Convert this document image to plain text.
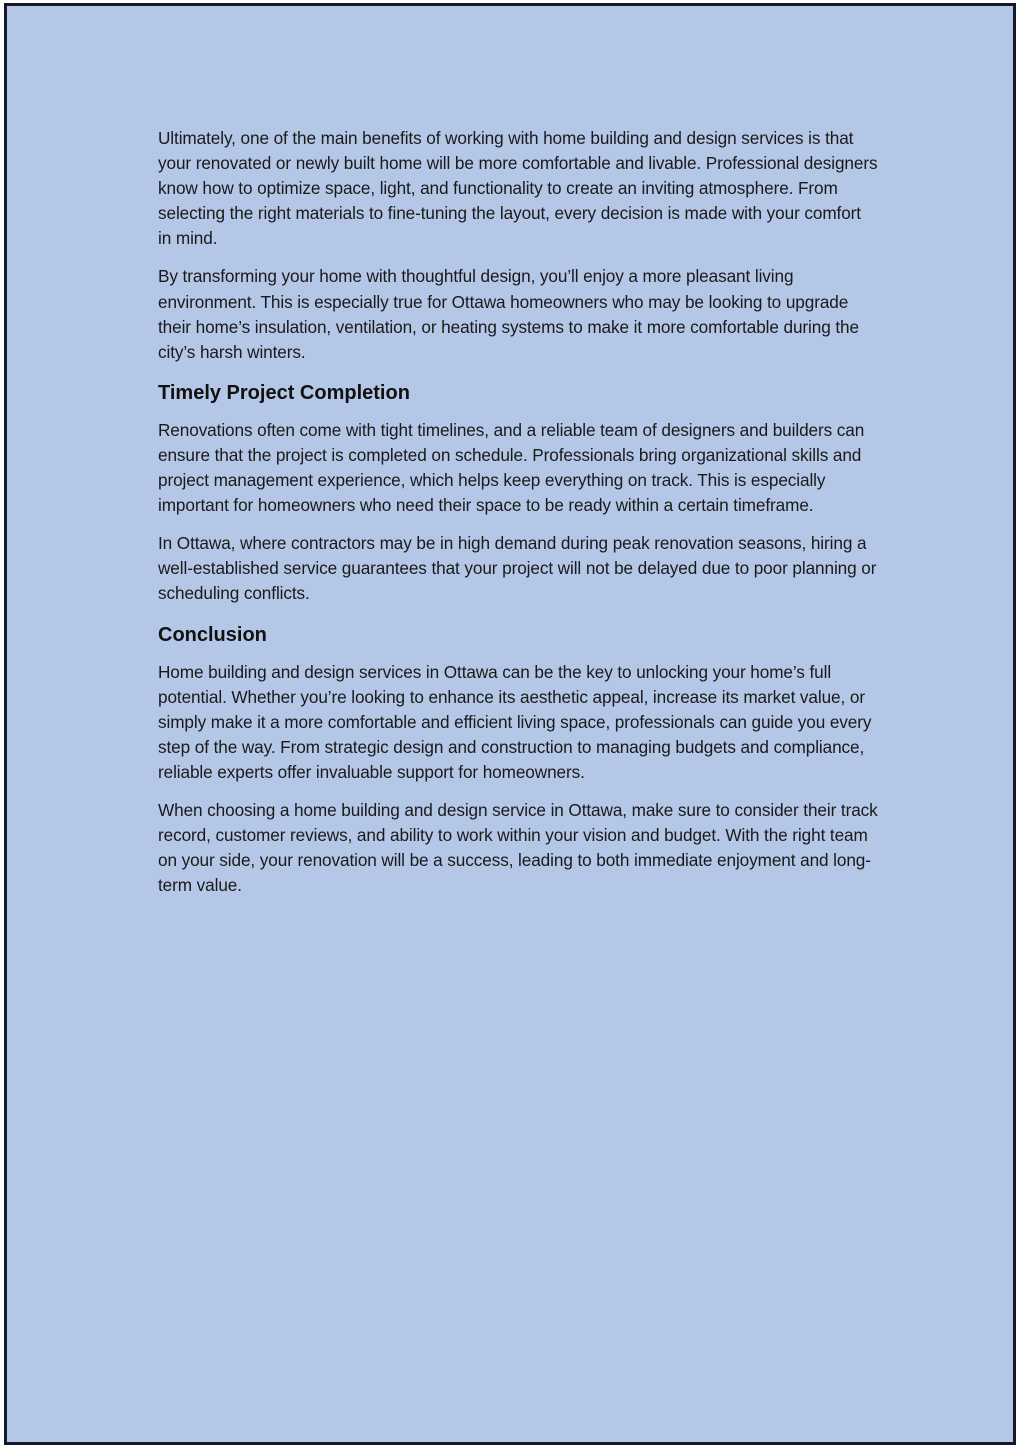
Ultimately, one of the main benefits of working with home building and design services is that your renovated or newly built home will be more comfortable and livable. Professional designers know how to optimize space, light, and functionality to create an inviting atmosphere. From selecting the right materials to fine-tuning the layout, every decision is made with your comfort in mind.

By transforming your home with thoughtful design, you’ll enjoy a more pleasant living environment. This is especially true for Ottawa homeowners who may be looking to upgrade their home’s insulation, ventilation, or heating systems to make it more comfortable during the city’s harsh winters.

Timely Project Completion

Renovations often come with tight timelines, and a reliable team of designers and builders can ensure that the project is completed on schedule. Professionals bring organizational skills and project management experience, which helps keep everything on track. This is especially important for homeowners who need their space to be ready within a certain timeframe.

In Ottawa, where contractors may be in high demand during peak renovation seasons, hiring a well-established service guarantees that your project will not be delayed due to poor planning or scheduling conflicts.

Conclusion

Home building and design services in Ottawa can be the key to unlocking your home’s full potential. Whether you’re looking to enhance its aesthetic appeal, increase its market value, or simply make it a more comfortable and efficient living space, professionals can guide you every step of the way. From strategic design and construction to managing budgets and compliance, reliable experts offer invaluable support for homeowners.

When choosing a home building and design service in Ottawa, make sure to consider their track record, customer reviews, and ability to work within your vision and budget. With the right team on your side, your renovation will be a success, leading to both immediate enjoyment and long-term value.
